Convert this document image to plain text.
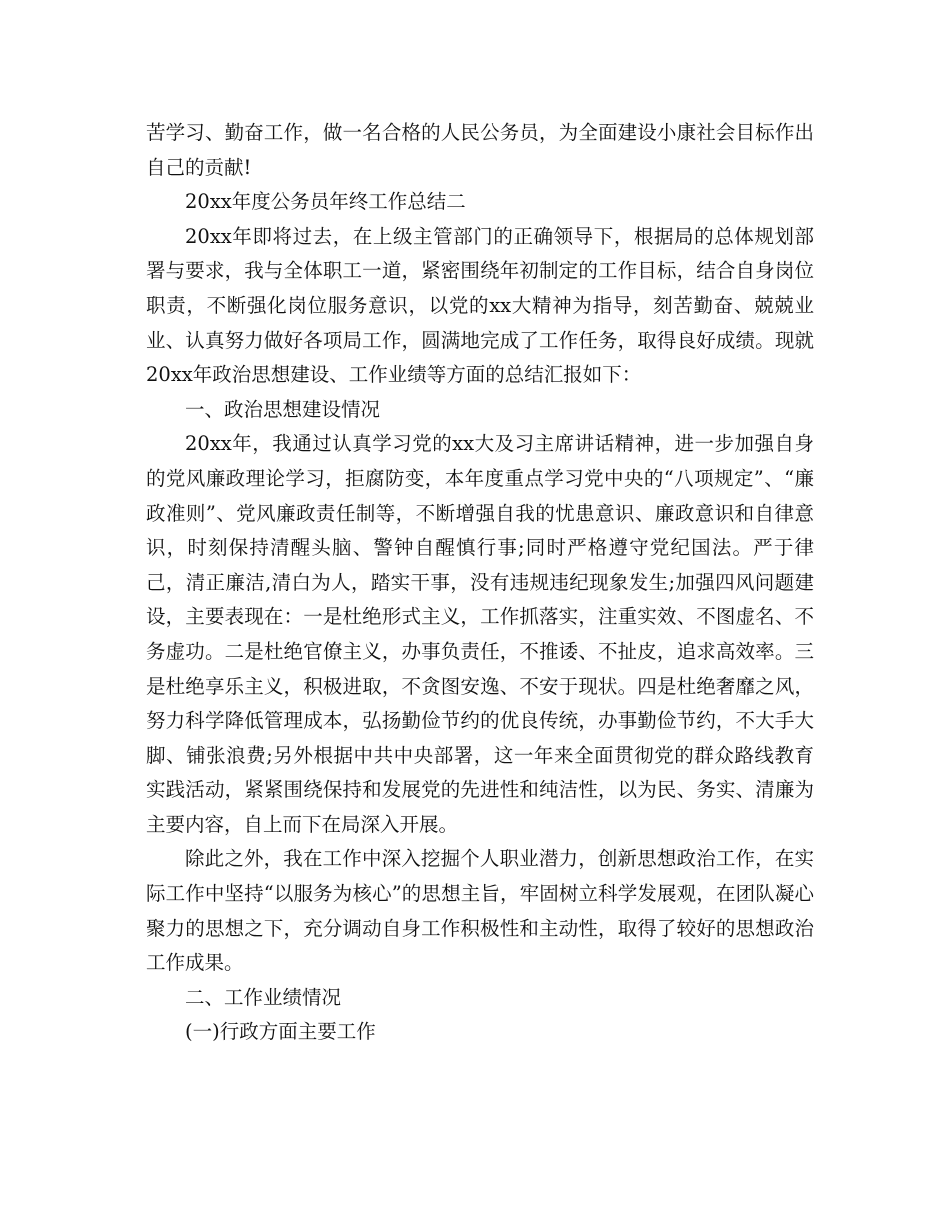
苦学习、勤奋工作，做一名合格的人民公务员，为全面建设小康社会目标作出自己的贡献!

20xx年度公务员年终工作总结二

20xx年即将过去，在上级主管部门的正确领导下，根据局的总体规划部署与要求，我与全体职工一道，紧密围绕年初制定的工作目标，结合自身岗位职责，不断强化岗位服务意识，以党的xx大精神为指导，刻苦勤奋、兢兢业业、认真努力做好各项局工作，圆满地完成了工作任务，取得良好成绩。现就20xx年政治思想建设、工作业绩等方面的总结汇报如下：

一、政治思想建设情况

20xx年，我通过认真学习党的xx大及习主席讲话精神，进一步加强自身的党风廉政理论学习，拒腐防变，本年度重点学习党中央的“八项规定”、“廉政准则”、党风廉政责任制等，不断增强自我的忧患意识、廉政意识和自律意识，时刻保持清醒头脑、警钟自醒慎行事;同时严格遵守党纪国法。严于律己，清正廉洁,清白为人，踏实干事，没有违规违纪现象发生;加强四风问题建设，主要表现在：一是杜绝形式主义，工作抓落实，注重实效、不图虚名、不务虚功。二是杜绝官僚主义，办事负责任，不推诿、不扯皮，追求高效率。三是杜绝享乐主义，积极进取，不贪图安逸、不安于现状。四是杜绝奢靡之风，努力科学降低管理成本，弘扬勤俭节约的优良传统，办事勤俭节约，不大手大脚、铺张浪费;另外根据中共中央部署，这一年来全面贯彻党的群众路线教育实践活动，紧紧围绕保持和发展党的先进性和纯洁性，以为民、务实、清廉为主要内容，自上而下在局深入开展。

除此之外，我在工作中深入挖掘个人职业潜力，创新思想政治工作，在实际工作中坚持“以服务为核心”的思想主旨，牢固树立科学发展观，在团队凝心聚力的思想之下，充分调动自身工作积极性和主动性，取得了较好的思想政治工作成果。

二、工作业绩情况

(一)行政方面主要工作
